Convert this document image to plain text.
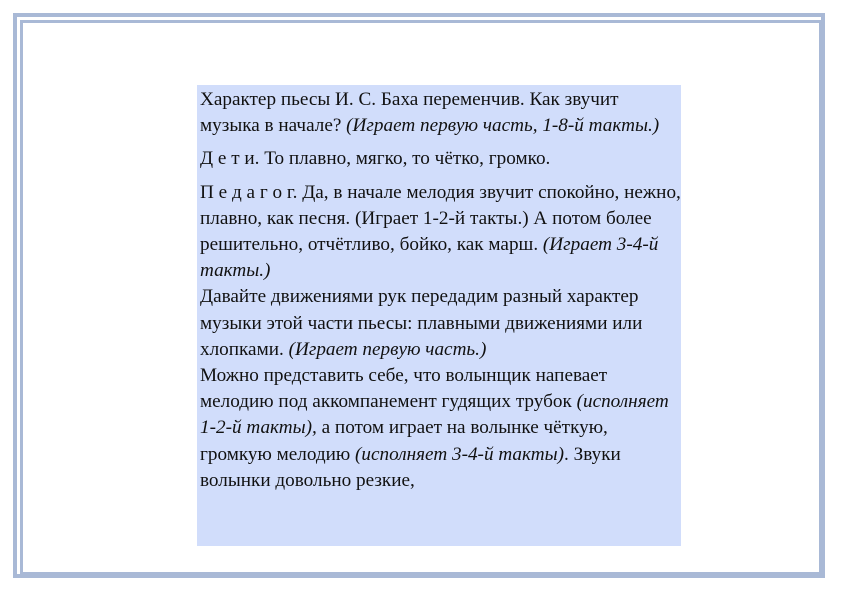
Характер пьесы И. С. Баха переменчив. Как звучит музыка в начале? (Играет первую часть, 1-8-й такты.)

Д е т и. То плавно, мягко, то чётко, громко.

П е д а г о г. Да, в начале мелодия звучит спокойно, нежно, плавно, как песня. (Играет 1-2-й такты.) А потом более решительно, отчётливо, бойко, как марш. (Играет 3-4-й такты.)

Давайте движениями рук передадим разный характер музыки этой части пьесы: плавными движениями или хлопками. (Играет первую часть.)

Можно представить себе, что волынщик напевает мелодию под аккомпанемент гудящих трубок (исполняет 1-2-й такты), а потом играет на волынке чёткую, громкую мелодию (исполняет 3-4-й такты). Звуки волынки довольно резкие,
